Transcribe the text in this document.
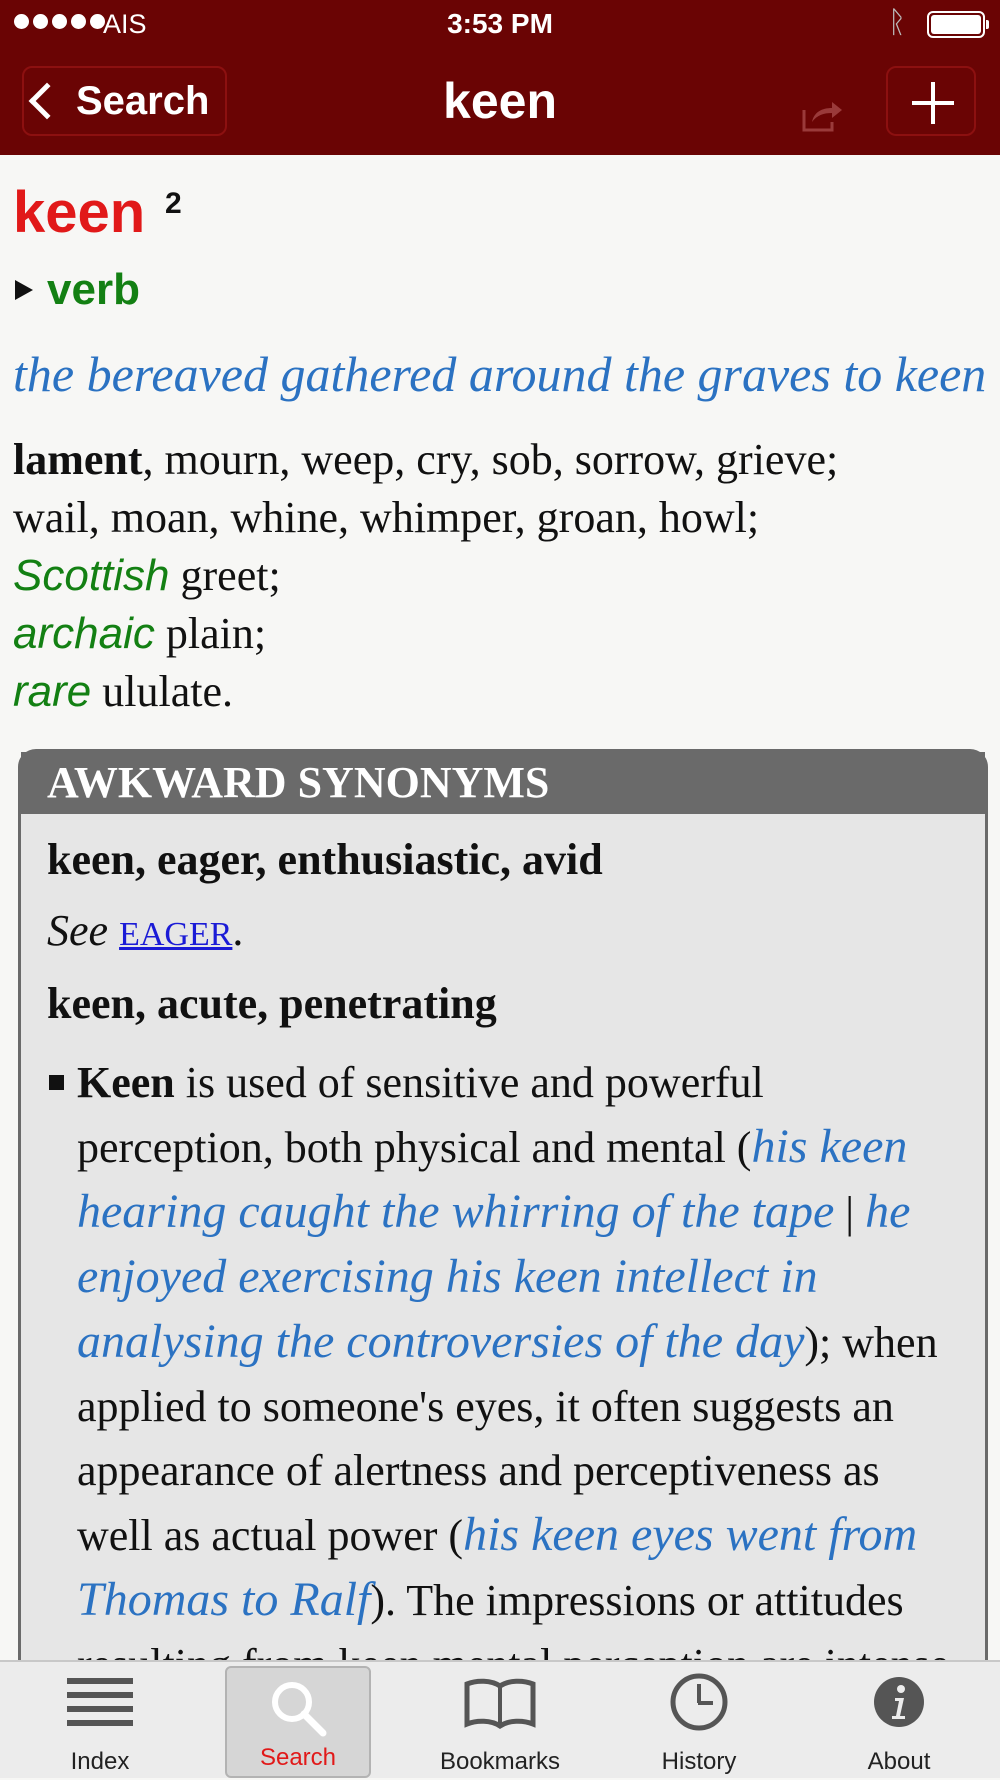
AIS	3:53 PM	ᚱ
Search	keen
keen 2
verb
the bereaved gathered around the graves to keen
lament, mourn, weep, cry, sob, sorrow, grieve;
wail, moan, whine, whimper, groan, howl;
Scottish greet;
archaic plain;
rare ululate.
AWKWARD SYNONYMS
keen, eager, enthusiastic, avid
See EAGER.
keen, acute, penetrating
Keen is used of sensitive and powerful perception, both physical and mental (his keen hearing caught the whirring of the tape | he enjoyed exercising his keen intellect in analysing the controversies of the day); when applied to someone's eyes, it often suggests an appearance of alertness and perceptiveness as well as actual power (his keen eyes went from Thomas to Ralf). The impressions or attitudes
Index	Search	Bookmarks	History	About
